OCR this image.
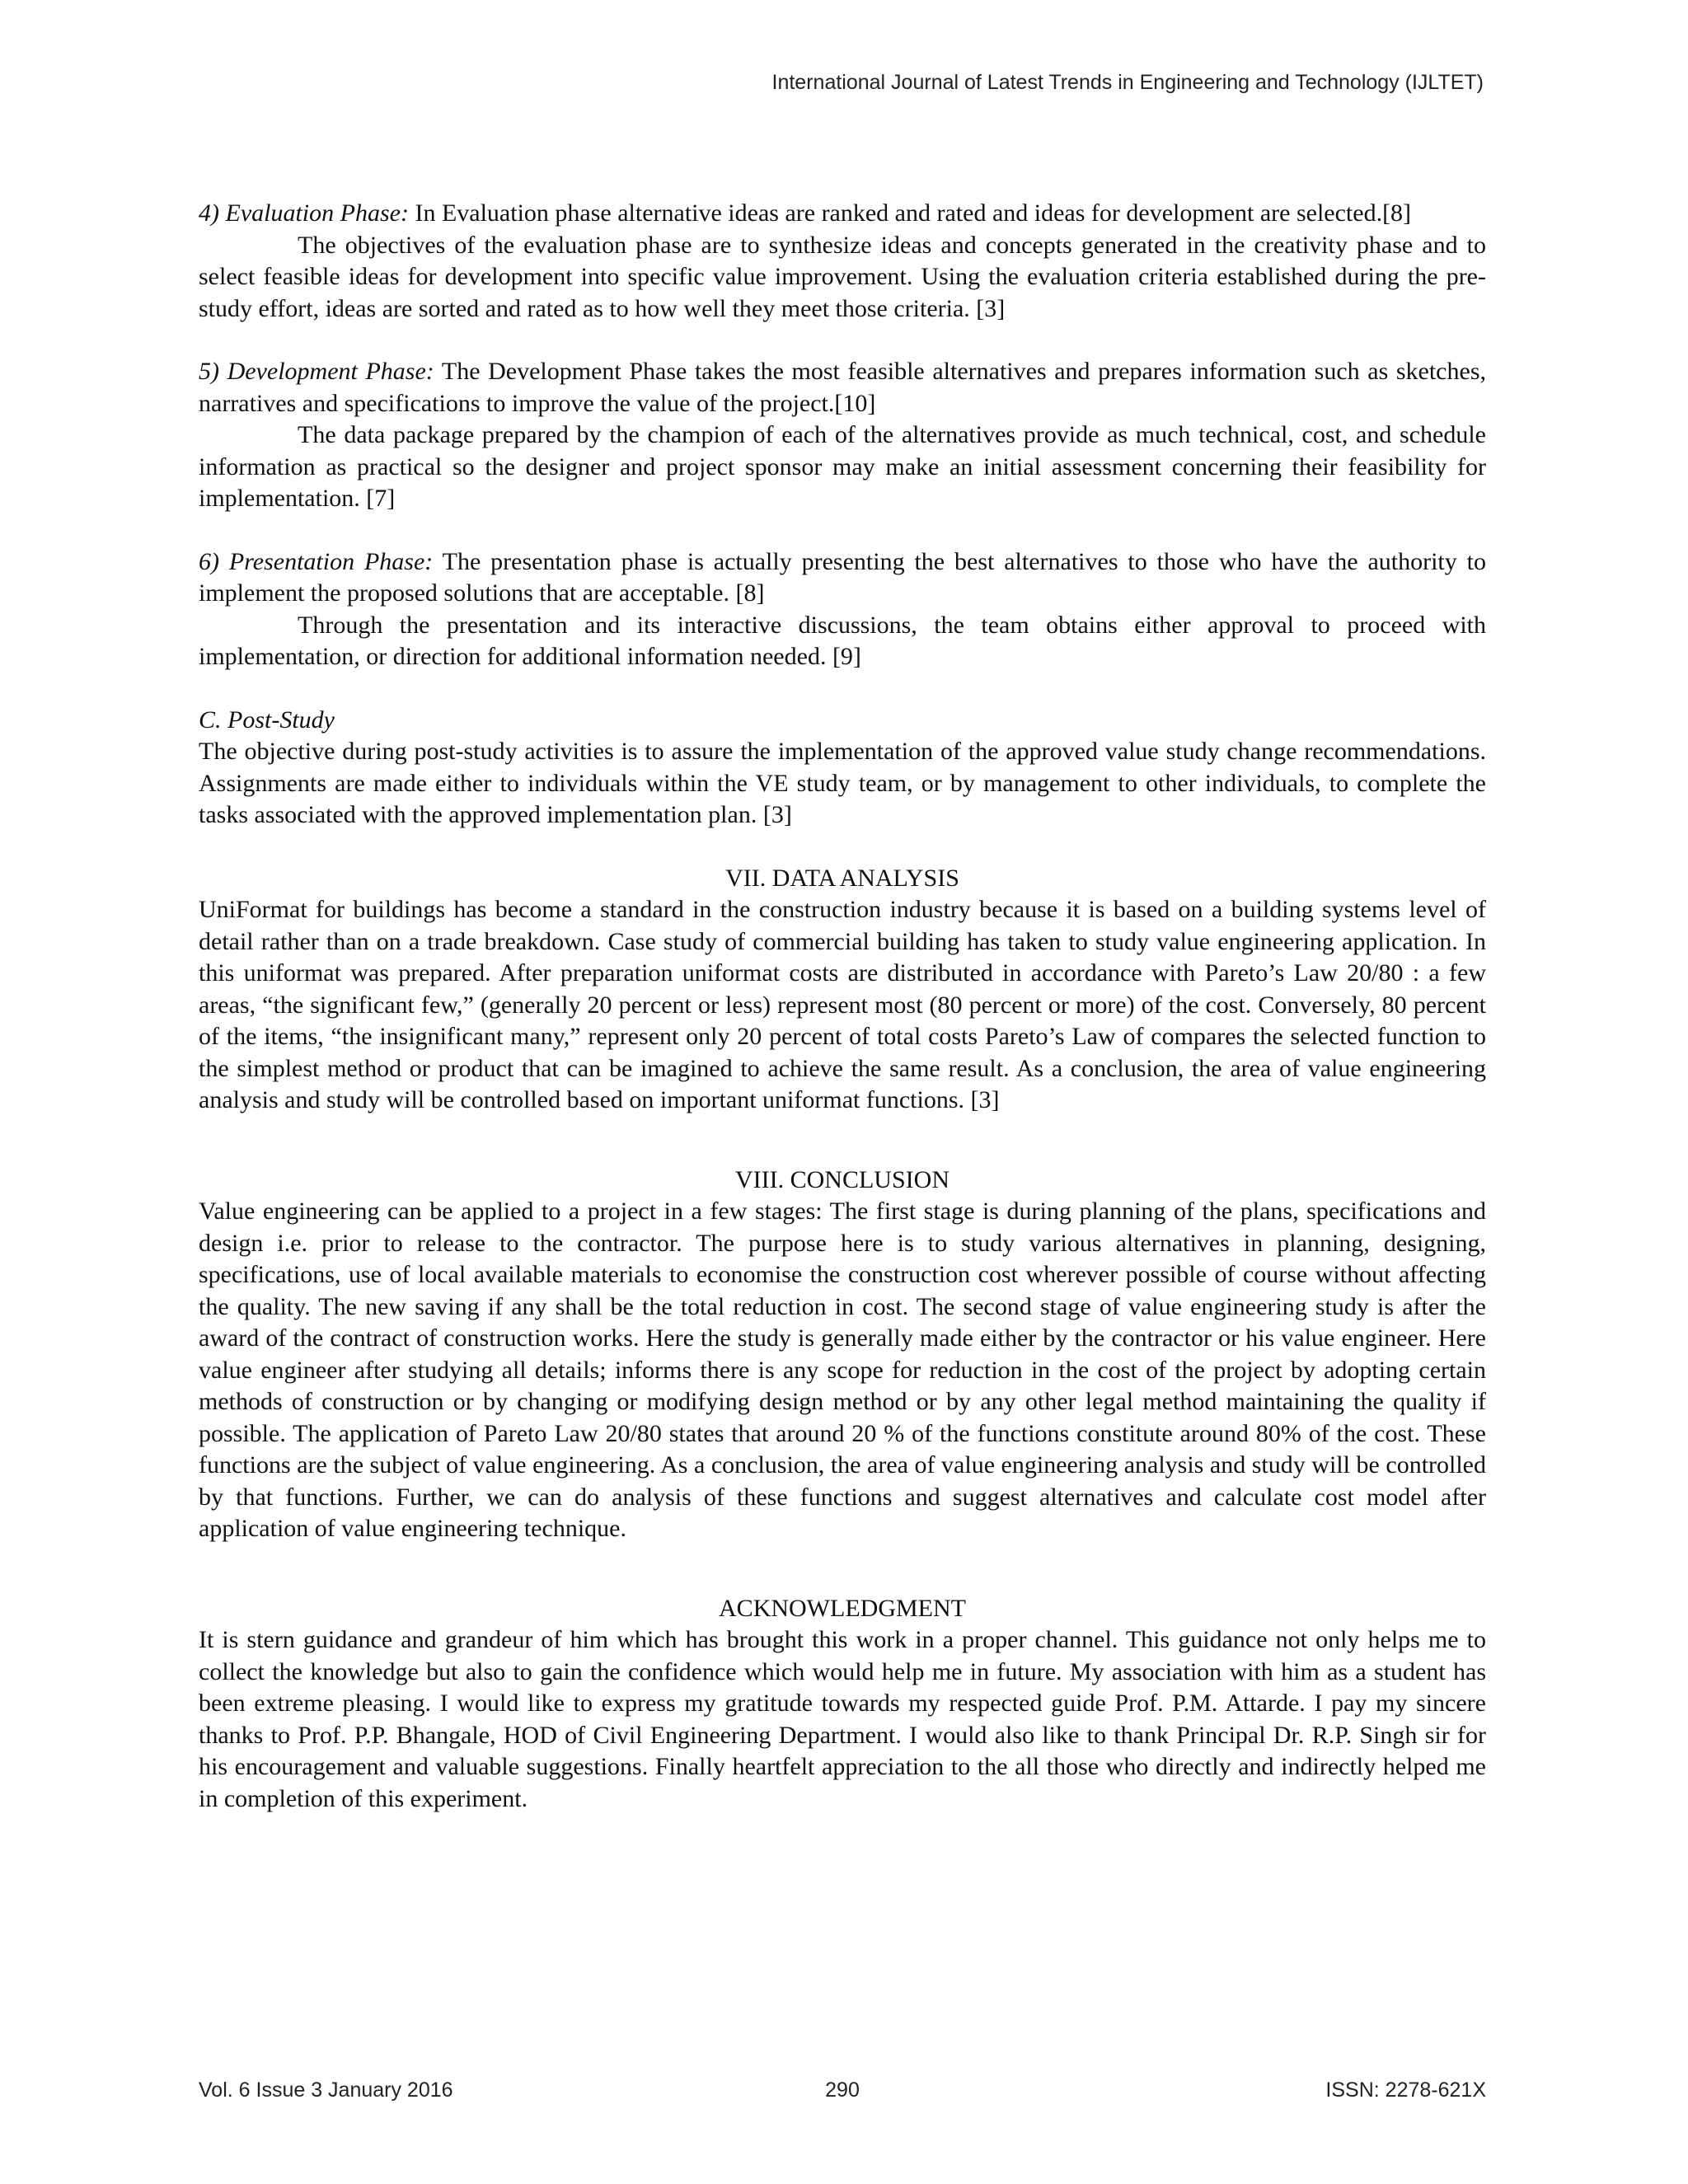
International Journal of Latest Trends in Engineering and Technology (IJLTET)

4) Evaluation Phase: In Evaluation phase alternative ideas are ranked and rated and ideas for development are selected.[8]

The objectives of the evaluation phase are to synthesize ideas and concepts generated in the creativity phase and to select feasible ideas for development into specific value improvement. Using the evaluation criteria established during the pre-study effort, ideas are sorted and rated as to how well they meet those criteria. [3]

5) Development Phase: The Development Phase takes the most feasible alternatives and prepares information such as sketches, narratives and specifications to improve the value of the project.[10]

The data package prepared by the champion of each of the alternatives provide as much technical, cost, and schedule information as practical so the designer and project sponsor may make an initial assessment concerning their feasibility for implementation. [7]

6) Presentation Phase: The presentation phase is actually presenting the best alternatives to those who have the authority to implement the proposed solutions that are acceptable. [8]

Through the presentation and its interactive discussions, the team obtains either approval to proceed with implementation, or direction for additional information needed. [9]

C. Post-Study

The objective during post-study activities is to assure the implementation of the approved value study change recommendations. Assignments are made either to individuals within the VE study team, or by management to other individuals, to complete the tasks associated with the approved implementation plan. [3]

VII. DATA ANALYSIS

UniFormat for buildings has become a standard in the construction industry because it is based on a building systems level of detail rather than on a trade breakdown. Case study of commercial building has taken to study value engineering application. In this uniformat was prepared. After preparation uniformat costs are distributed in accordance with Pareto’s Law 20/80 : a few areas, “the significant few,” (generally 20 percent or less) represent most (80 percent or more) of the cost. Conversely, 80 percent of the items, “the insignificant many,” represent only 20 percent of total costs Pareto’s Law of compares the selected function to the simplest method or product that can be imagined to achieve the same result. As a conclusion, the area of value engineering analysis and study will be controlled based on important uniformat functions. [3]

VIII. CONCLUSION

Value engineering can be applied to a project in a few stages: The first stage is during planning of the plans, specifications and design i.e. prior to release to the contractor. The purpose here is to study various alternatives in planning, designing, specifications, use of local available materials to economise the construction cost wherever possible of course without affecting the quality. The new saving if any shall be the total reduction in cost. The second stage of value engineering study is after the award of the contract of construction works. Here the study is generally made either by the contractor or his value engineer. Here value engineer after studying all details; informs there is any scope for reduction in the cost of the project by adopting certain methods of construction or by changing or modifying design method or by any other legal method maintaining the quality if possible. The application of Pareto Law 20/80 states that around 20 % of the functions constitute around 80% of the cost. These functions are the subject of value engineering. As a conclusion, the area of value engineering analysis and study will be controlled by that functions. Further, we can do analysis of these functions and suggest alternatives and calculate cost model after application of value engineering technique.

ACKNOWLEDGMENT

It is stern guidance and grandeur of him which has brought this work in a proper channel. This guidance not only helps me to collect the knowledge but also to gain the confidence which would help me in future. My association with him as a student has been extreme pleasing. I would like to express my gratitude towards my respected guide Prof. P.M. Attarde. I pay my sincere thanks to Prof. P.P. Bhangale, HOD of Civil Engineering Department. I would also like to thank Principal Dr. R.P. Singh sir for his encouragement and valuable suggestions. Finally heartfelt appreciation to the all those who directly and indirectly helped me in completion of this experiment.

Vol. 6 Issue 3 January 2016	290	ISSN: 2278-621X
